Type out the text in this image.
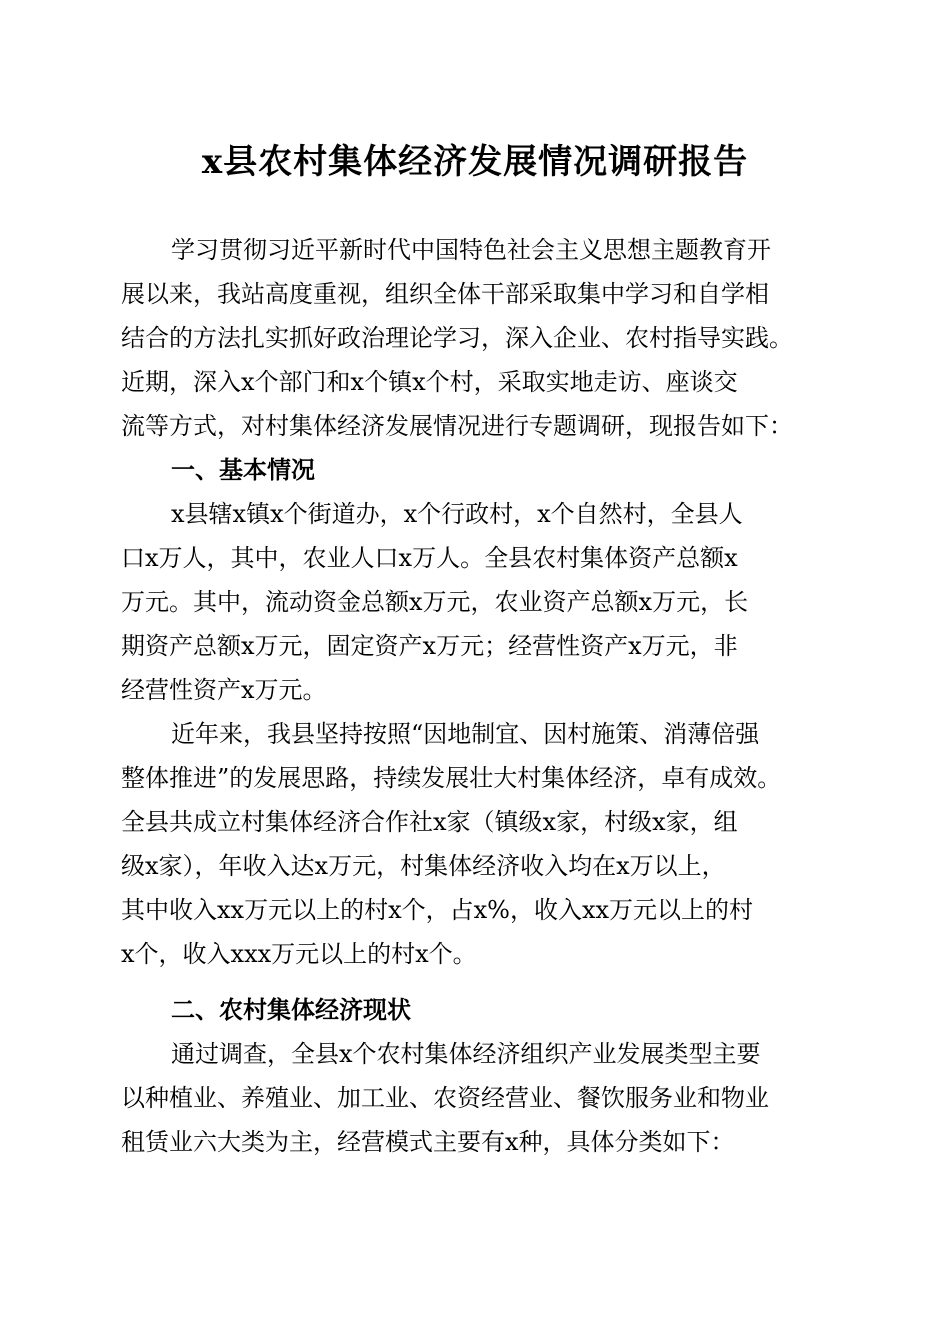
x县农村集体经济发展情况调研报告
学习贯彻习近平新时代中国特色社会主义思想主题教育开
展以来，我站高度重视，组织全体干部采取集中学习和自学相
结合的方法扎实抓好政治理论学习，深入企业、农村指导实践。
近期，深入x个部门和x个镇x个村，采取实地走访、座谈交
流等方式，对村集体经济发展情况进行专题调研，现报告如下：
一、基本情况
x县辖x镇x个街道办，x个行政村，x个自然村，全县人
口x万人，其中，农业人口x万人。全县农村集体资产总额x
万元。其中，流动资金总额x万元，农业资产总额x万元，长
期资产总额x万元，固定资产x万元；经营性资产x万元，非
经营性资产x万元。
近年来，我县坚持按照“因地制宜、因村施策、消薄倍强
整体推进”的发展思路，持续发展壮大村集体经济，卓有成效。
全县共成立村集体经济合作社x家（镇级x家，村级x家，组
级x家），年收入达x万元，村集体经济收入均在x万以上，
其中收入xx万元以上的村x个，占x%，收入xx万元以上的村
x个，收入xxx万元以上的村x个。
二、农村集体经济现状
通过调查，全县x个农村集体经济组织产业发展类型主要
以种植业、养殖业、加工业、农资经营业、餐饮服务业和物业
租赁业六大类为主，经营模式主要有x种，具体分类如下：
